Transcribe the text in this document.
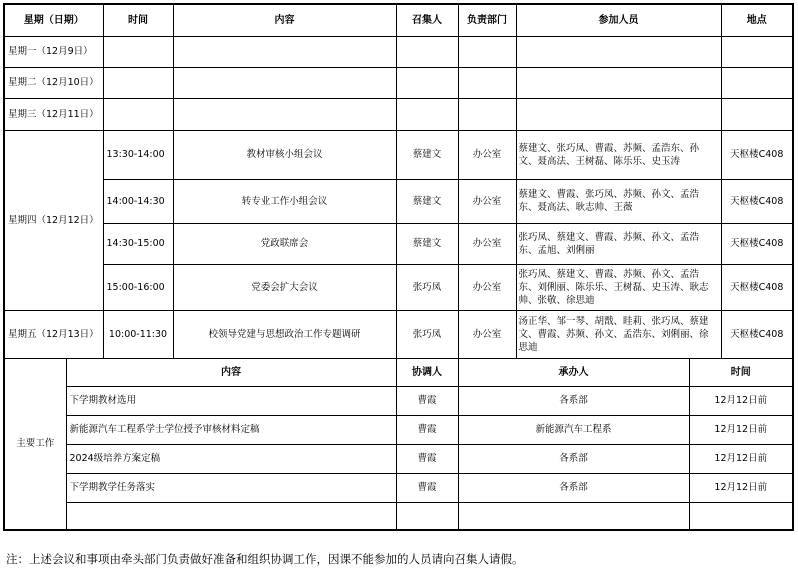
星期（日期）		时间	内容	召集人	负责部门	参加人员		地点
星期一（12月9日）								
星期二（12月10日）								
星期三（12月11日）								
星期四（12月12日）		13:30-14:00	教材审核小组会议	蔡建文	办公室	蔡建文、张巧凤、曹霞、苏频、孟浩东、孙文、聂高法、王树磊、陈乐乐、史玉涛		天枢楼C408
		14:00-14:30	转专业工作小组会议	蔡建文	办公室	蔡建文、曹霞、张巧凤、苏频、孙文、孟浩东、聂高法、耿志帅、王薇		天枢楼C408
		14:30-15:00	党政联席会	蔡建文	办公室	张巧凤、蔡建文、曹霞、苏频、孙文、孟浩东、孟旭、刘俐丽		天枢楼C408
		15:00-16:00	党委会扩大会议	张巧凤	办公室	张巧凤、蔡建文、曹霞、苏频、孙文、孟浩东、刘俐丽、陈乐乐、王树磊、史玉涛、耿志帅、张敬、徐思迪		天枢楼C408
星期五（12月13日）		10:00-11:30	校领导党建与思想政治工作专题调研	张巧凤	办公室	汤正华、邹一琴、胡戬、眭莉、张巧凤、蔡建文、曹霞、苏频、孙文、孟浩东、刘俐丽、徐思迪		天枢楼C408
主要工作	内容			协调人	承办人		时间	
	下学期教材选用			曹霞	各系部		12月12日前	
	新能源汽车工程系学士学位授予审核材料定稿			曹霞	新能源汽车工程系		12月12日前	
	2024级培养方案定稿			曹霞	各系部		12月12日前	
	下学期教学任务落实			曹霞	各系部		12月12日前	

注：上述会议和事项由牵头部门负责做好准备和组织协调工作，因课不能参加的人员请向召集人请假。
